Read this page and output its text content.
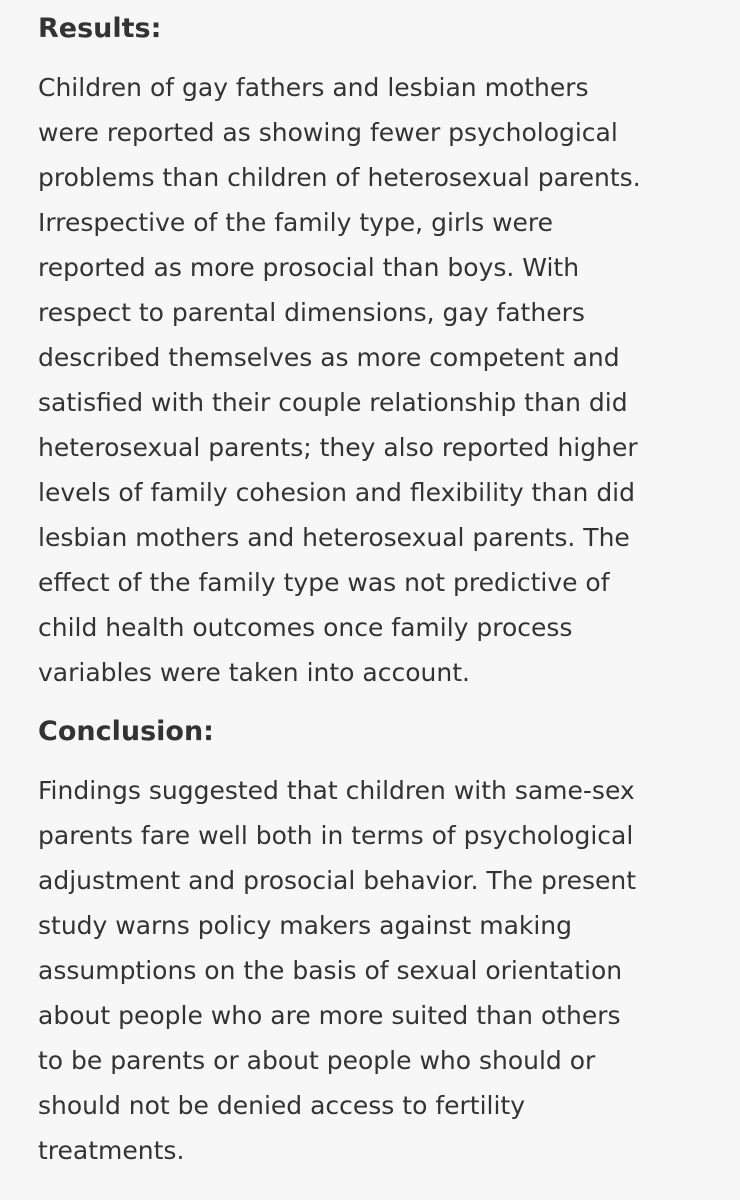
Results:

Children of gay fathers and lesbian mothers

were reported as showing fewer psychological

problems than children of heterosexual parents.

Irrespective of the family type, girls were

reported as more prosocial than boys. With

respect to parental dimensions, gay fathers

described themselves as more competent and

satisfied with their couple relationship than did

heterosexual parents; they also reported higher

levels of family cohesion and flexibility than did

lesbian mothers and heterosexual parents. The

effect of the family type was not predictive of

child health outcomes once family process

variables were taken into account.

Conclusion:

Findings suggested that children with same-sex

parents fare well both in terms of psychological

adjustment and prosocial behavior. The present

study warns policy makers against making

assumptions on the basis of sexual orientation

about people who are more suited than others

to be parents or about people who should or

should not be denied access to fertility

treatments.
